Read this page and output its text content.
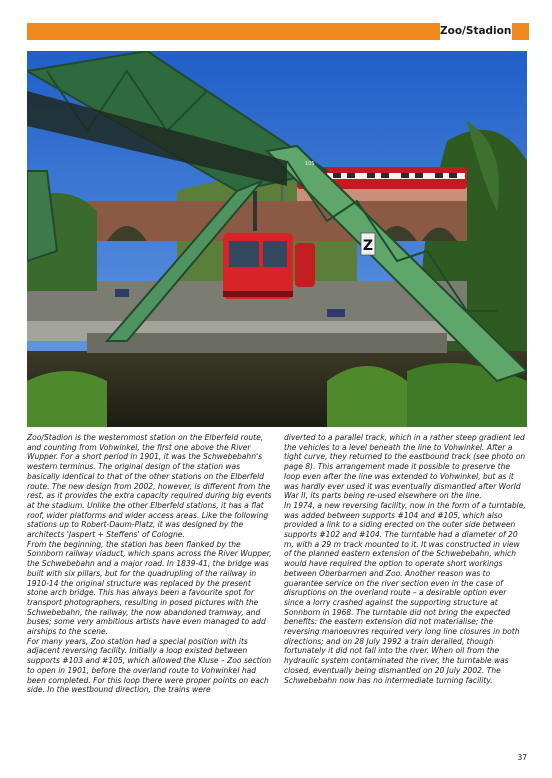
Zoo/Stadion
Z
105

Zoo/Stadion is the westernmost station on the Elberfeld route, and counting from Vohwinkel, the first one above the River Wupper. For a short period in 1901, it was the Schwebebahn's western terminus. The original design of the station was basically identical to that of the other stations on the Elberfeld route. The new design from 2002, however, is different from the rest, as it provides the extra capacity required during big events at the stadium. Unlike the other Elberfeld stations, it has a flat roof, wider platforms and wider access areas. Like the following stations up to Robert-Daum-Platz, it was designed by the architects 'Jaspert + Steffens' of Cologne.

From the beginning, the station has been flanked by the Sonnborn railway viaduct, which spans across the River Wupper, the Schwebebahn and a major road. In 1839-41, the bridge was built with six pillars, but for the quadrupling of the railway in 1910-14 the original structure was replaced by the present stone arch bridge. This has always been a favourite spot for transport photographers, resulting in posed pictures with the Schwebebahn, the railway, the now abandoned tramway, and buses; some very ambitious artists have even managed to add airships to the scene.

For many years, Zoo station had a special position with its adjacent reversing facility. Initially a loop existed between supports #103 and #105, which allowed the Kluse – Zoo section to open in 1901, before the overland route to Vohwinkel had been completed. For this loop there were proper points on each side. In the westbound direction, the trains were

diverted to a parallel track, which in a rather steep gradient led the vehicles to a level beneath the line to Vohwinkel. After a tight curve, they returned to the eastbound track (see photo on page 8). This arrangement made it possible to preserve the loop even after the line was extended to Vohwinkel, but as it was hardly ever used it was eventually dismantled after World War II, its parts being re-used elsewhere on the line.

In 1974, a new reversing facility, now in the form of a turntable, was added between supports #104 and #105, which also provided a link to a siding erected on the outer side between supports #102 and #104. The turntable had a diameter of 20 m, with a 29 m track mounted to it. It was constructed in view of the planned eastern extension of the Schwebebahn, which would have required the option to operate short workings between Oberbarmen and Zoo. Another reason was to guarantee service on the river section even in the case of disruptions on the overland route – a desirable option ever since a lorry crashed against the supporting structure at Sonnborn in 1968. The turntable did not bring the expected benefits: the eastern extension did not materialise; the reversing manoeuvres required very long line closures in both directions; and on 28 July 1992 a train derailed, though fortunately it did not fall into the river. When oil from the hydraulic system contaminated the river, the turntable was closed, eventually being dismantled on 20 July 2002. The Schwebebahn now has no intermediate turning facility.

37
